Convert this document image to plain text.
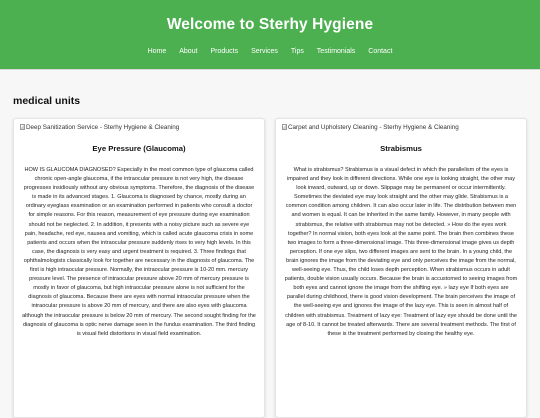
Welcome to Sterhy Hygiene
Home About Products Services Tips Testimonials Contact
medical units
Deep Sanitization Service - Sterhy Hygiene & Cleaning
Eye Pressure (Glaucoma)

HOW IS GLAUCOMA DIAGNOSED? Especially in the most common type of glaucoma called chronic open-angle glaucoma, if the intraocular pressure is not very high, the disease progresses insidiously without any obvious symptoms. Therefore, the diagnosis of the disease is made in its advanced stages. 1. Glaucoma is diagnosed by chance, mostly during an ordinary eyeglass examination or an examination performed in patients who consult a doctor for simple reasons. For this reason, measurement of eye pressure during eye examination should not be neglected. 2. In addition, it presents with a noisy picture such as severe eye pain, headache, red eye, nausea and vomiting, which is called acute glaucoma crisis in some patients and occurs when the intraocular pressure suddenly rises to very high levels. In this case, the diagnosis is very easy and urgent treatment is required. 3. Three findings that ophthalmologists classically look for together are necessary in the diagnosis of glaucoma. The first is high intraocular pressure. Normally, the intraocular pressure is 10-20 mm. mercury pressure level. The presence of intraocular pressure above 20 mm of mercury pressure is mostly in favor of glaucoma, but high intraocular pressure alone is not sufficient for the diagnosis of glaucoma. Because there are eyes with normal intraocular pressure when the intraocular pressure is above 20 mm of mercury, and there are also eyes with glaucoma although the intraocular pressure is below 20 mm of mercury. The second sought finding for the diagnosis of glaucoma is optic nerve damage seen in the fundus examination. The third finding is visual field distortions in visual field examination.

Carpet and Upholstery Cleaning - Sterhy Hygiene & Cleaning
Strabismus

What is strabismus? Strabismus is a visual defect in which the parallelism of the eyes is impaired and they look in different directions. While one eye is looking straight, the other may look inward, outward, up or down. Slippage may be permanent or occur intermittently. Sometimes the deviated eye may look straight and the other may glide. Strabismus is a common condition among children. It can also occur later in life. The distribution between men and women is equal. It can be inherited in the same family. However, in many people with strabismus, the relative with strabismus may not be detected. » How do the eyes work together? In normal vision, both eyes look at the same point. The brain then combines these two images to form a three-dimensional image. This three-dimensional image gives us depth perception. If one eye slips, two different images are sent to the brain. In a young child, the brain ignores the image from the deviating eye and only perceives the image from the normal, well-seeing eye. Thus, the child loses depth perception. When strabismus occurs in adult patients, double vision usually occurs. Because the brain is accustomed to seeing images from both eyes and cannot ignore the image from the shifting eye. » lazy eye If both eyes are parallel during childhood, there is good vision development. The brain perceives the image of the well-seeing eye and ignores the image of the lazy eye. This is seen in almost half of children with strabismus. Treatment of lazy eye: Treatment of lazy eye should be done until the age of 8-10. It cannot be treated afterwards. There are several treatment methods. The first of these is the treatment performed by closing the healthy eye.
